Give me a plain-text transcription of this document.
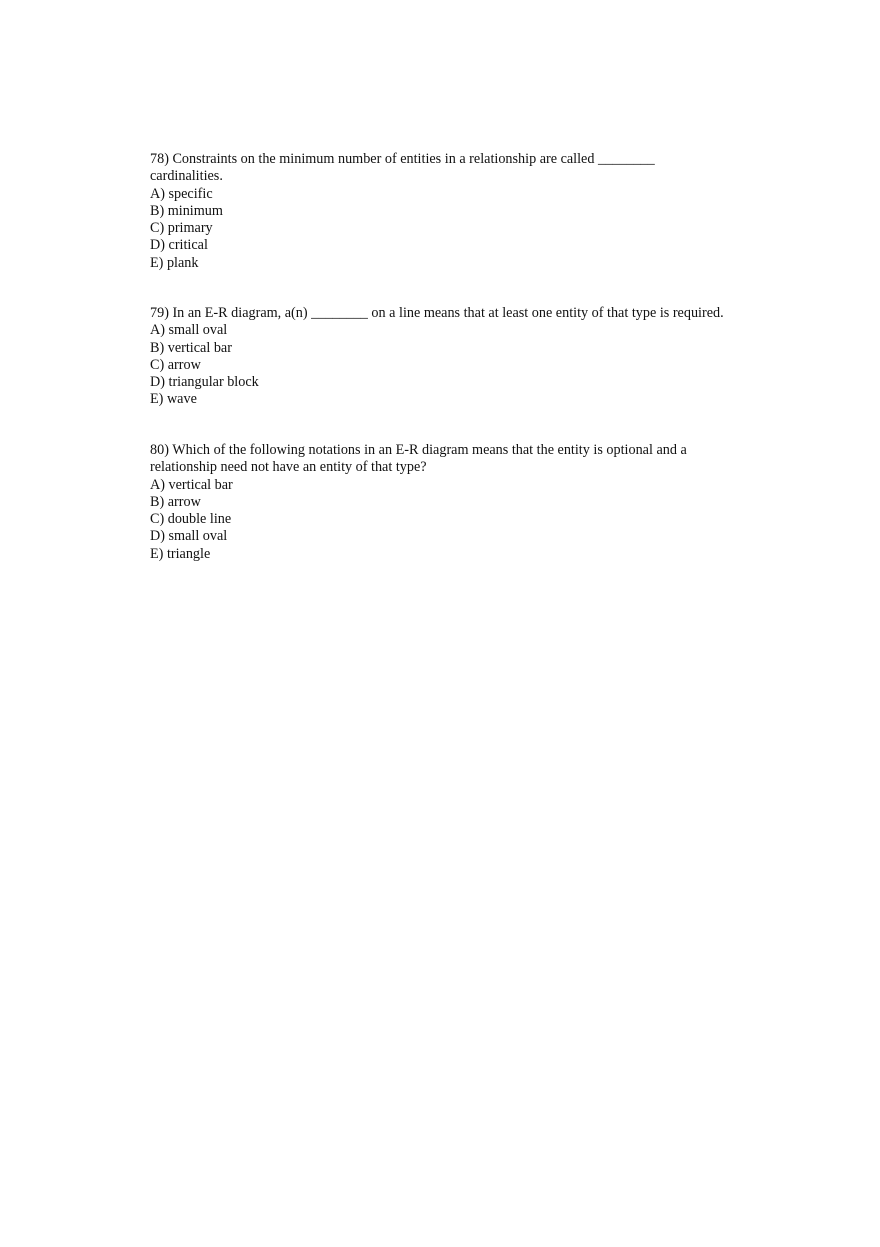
78) Constraints on the minimum number of entities in a relationship are called ________ cardinalities.

A) specific
B) minimum
C) primary
D) critical
E) plank

79) In an E-R diagram, a(n) ________ on a line means that at least one entity of that type is required.

A) small oval
B) vertical bar
C) arrow
D) triangular block
E) wave

80) Which of the following notations in an E-R diagram means that the entity is optional and a relationship need not have an entity of that type?

A) vertical bar
B) arrow
C) double line
D) small oval
E) triangle
